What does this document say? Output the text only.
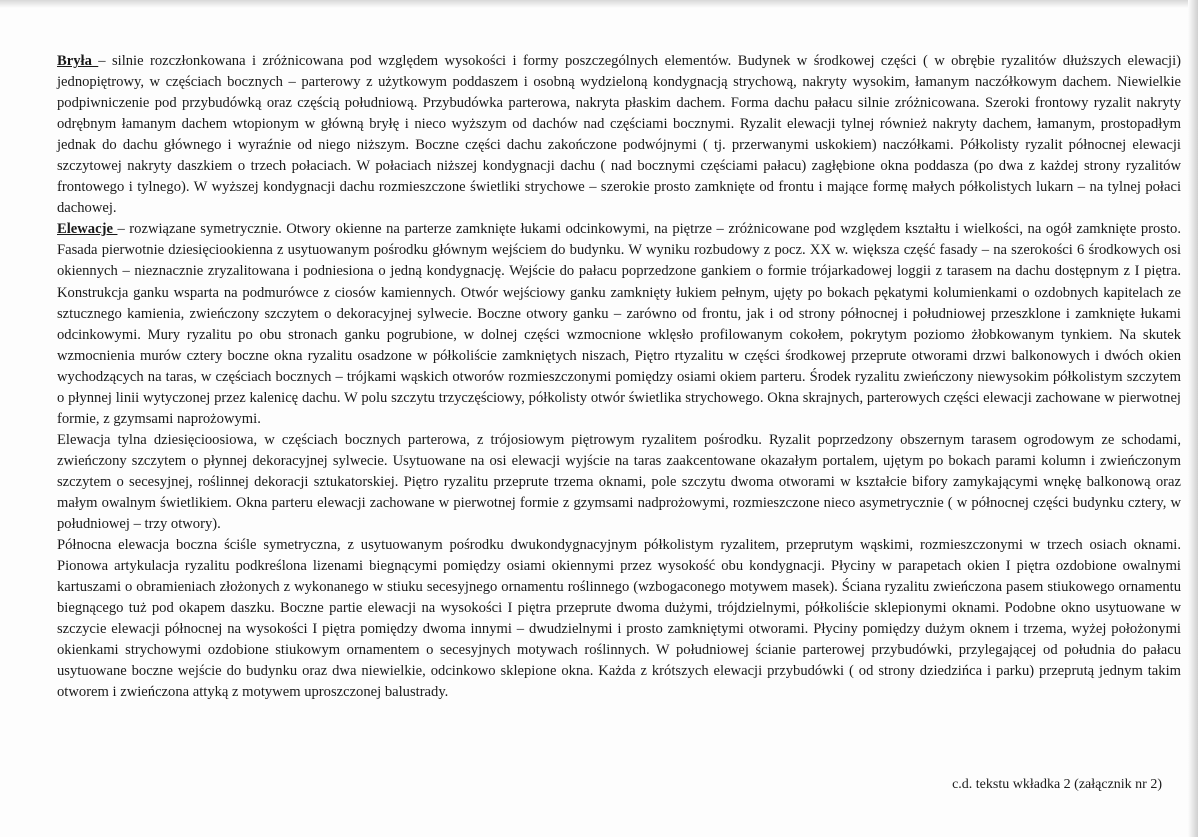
Bryła – silnie rozczłonkowana i zróżnicowana pod względem wysokości i formy poszczególnych elementów. Budynek w środkowej części ( w obrębie ryzalitów dłuższych elewacji) jednopiętrowy, w częściach bocznych – parterowy z użytkowym poddaszem i osobną wydzieloną kondygnacją strychową, nakryty wysokim, łamanym naczółkowym dachem. Niewielkie podpiwniczenie pod przybudówką oraz częścią południową. Przybudówka parterowa, nakryta płaskim dachem. Forma dachu pałacu silnie zróżnicowana. Szeroki frontowy ryzalit nakryty odrębnym łamanym dachem wtopionym w główną bryłę i nieco wyższym od dachów nad częściami bocznymi. Ryzalit elewacji tylnej również nakryty dachem, łamanym, prostopadłym jednak do dachu głównego i wyraźnie od niego niższym. Boczne części dachu zakończone podwójnymi ( tj. przerwanymi uskokiem) naczółkami. Półkolisty ryzalit północnej elewacji szczytowej nakryty daszkiem o trzech połaciach. W połaciach niższej kondygnacji dachu ( nad bocznymi częściami pałacu) zagłębione okna poddasza (po dwa z każdej strony ryzalitów frontowego i tylnego). W wyższej kondygnacji dachu rozmieszczone świetliki strychowe – szerokie prosto zamknięte od frontu i mające formę małych półkolistych lukarn – na tylnej połaci dachowej.

Elewacje – rozwiązane symetrycznie. Otwory okienne na parterze zamknięte łukami odcinkowymi, na piętrze – zróżnicowane pod względem kształtu i wielkości, na ogół zamknięte prosto. Fasada pierwotnie dziesięciookienna z usytuowanym pośrodku głównym wejściem do budynku. W wyniku rozbudowy z pocz. XX w. większa część fasady – na szerokości 6 środkowych osi okiennych – nieznacznie zryzalitowana i podniesiona o jedną kondygnację. Wejście do pałacu poprzedzone gankiem o formie trójarkadowej loggii z tarasem na dachu dostępnym z I piętra. Konstrukcja ganku wsparta na podmurówce z ciosów kamiennych. Otwór wejściowy ganku zamknięty łukiem pełnym, ujęty po bokach pękatymi kolumienkami o ozdobnych kapitelach ze sztucznego kamienia, zwieńczony szczytem o dekoracyjnej sylwecie. Boczne otwory ganku – zarówno od frontu, jak i od strony północnej i południowej przeszklone i zamknięte łukami odcinkowymi. Mury ryzalitu po obu stronach ganku pogrubione, w dolnej części wzmocnione wklęsło profilowanym cokołem, pokrytym poziomo żłobkowanym tynkiem. Na skutek wzmocnienia murów cztery boczne okna ryzalitu osadzone w półkoliście zamkniętych niszach, Piętro rtyzalitu w części środkowej przeprute otworami drzwi balkonowych i dwóch okien wychodzących na taras, w częściach bocznych – trójkami wąskich otworów rozmieszczonymi pomiędzy osiami okiem parteru. Środek ryzalitu zwieńczony niewysokim półkolistym szczytem o płynnej linii wytyczonej przez kalenicę dachu. W polu szczytu trzyczęściowy, półkolisty otwór świetlika strychowego. Okna skrajnych, parterowych części elewacji zachowane w pierwotnej formie, z gzymsami naprożowymi.

Elewacja tylna dziesięcioosiowa, w częściach bocznych parterowa, z trójosiowym piętrowym ryzalitem pośrodku. Ryzalit poprzedzony obszernym tarasem ogrodowym ze schodami, zwieńczony szczytem o płynnej dekoracyjnej sylwecie. Usytuowane na osi elewacji wyjście na taras zaakcentowane okazałym portalem, ujętym po bokach parami kolumn i zwieńczonym szczytem o secesyjnej, roślinnej dekoracji sztukatorskiej. Piętro ryzalitu przeprute trzema oknami, pole szczytu dwoma otworami w kształcie bifory zamykającymi wnękę balkonową oraz małym owalnym świetlikiem. Okna parteru elewacji zachowane w pierwotnej formie z gzymsami nadprożowymi, rozmieszczone nieco asymetrycznie ( w północnej części budynku cztery, w południowej – trzy otwory).

Północna elewacja boczna ściśle symetryczna, z usytuowanym pośrodku dwukondygnacyjnym półkolistym ryzalitem, przeprutym wąskimi, rozmieszczonymi w trzech osiach oknami. Pionowa artykulacja ryzalitu podkreślona lizenami biegnącymi pomiędzy osiami okiennymi przez wysokość obu kondygnacji. Płyciny w parapetach okien I piętra ozdobione owalnymi kartuszami o obramieniach złożonych z wykonanego w stiuku secesyjnego ornamentu roślinnego (wzbogaconego motywem masek). Ściana ryzalitu zwieńczona pasem stiukowego ornamentu biegnącego tuż pod okapem daszku. Boczne partie elewacji na wysokości I piętra przeprute dwoma dużymi, trójdzielnymi, półkoliście sklepionymi oknami. Podobne okno usytuowane w szczycie elewacji północnej na wysokości I piętra pomiędzy dwoma innymi – dwudzielnymi i prosto zamkniętymi otworami. Płyciny pomiędzy dużym oknem i trzema, wyżej położonymi okienkami strychowymi ozdobione stiukowym ornamentem o secesyjnych motywach roślinnych. W południowej ścianie parterowej przybudówki, przylegającej od południa do pałacu usytuowane boczne wejście do budynku oraz dwa niewielkie, odcinkowo sklepione okna. Każda z krótszych elewacji przybudówki ( od strony dziedzińca i parku) przeprutą jednym takim otworem i zwieńczona attyką z motywem uproszczonej balustrady.

c.d. tekstu wkładka 2 (załącznik nr 2)
